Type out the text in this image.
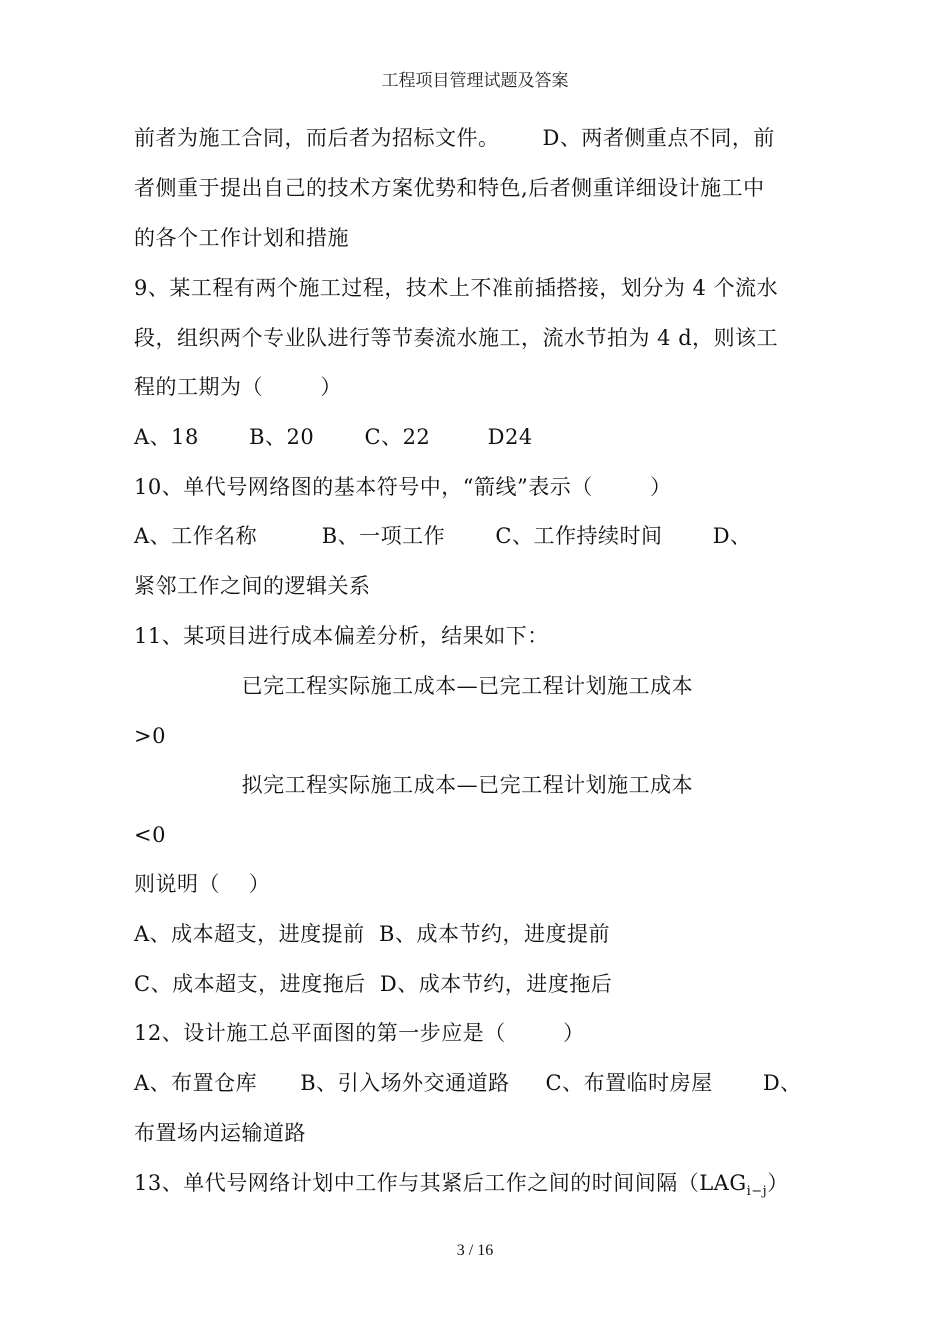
工程项目管理试题及答案
前者为施工合同，而后者为招标文件。      D、两者侧重点不同，前
者侧重于提出自己的技术方案优势和特色,后者侧重详细设计施工中
的各个工作计划和措施
9、某工程有两个施工过程，技术上不准前插搭接，划分为 4 个流水
段，组织两个专业队进行等节奏流水施工，流水节拍为 4 d，则该工
程的工期为（        ）
A、18       B、20       C、22        D24
10、单代号网络图的基本符号中，“箭线”表示（        ）
A、工作名称         B、一项工作       C、工作持续时间       D、
紧邻工作之间的逻辑关系
11、某项目进行成本偏差分析，结果如下：
已完工程实际施工成本—已完工程计划施工成本
>0
拟完工程实际施工成本—已完工程计划施工成本
<0
则说明（    ）
A、成本超支，进度提前  B、成本节约，进度提前
C、成本超支，进度拖后  D、成本节约，进度拖后
12、设计施工总平面图的第一步应是（        ）
A、布置仓库      B、引入场外交通道路     C、布置临时房屋       D、
布置场内运输道路
13、单代号网络计划中工作与其紧后工作之间的时间间隔$(LAG_{i-j})$
3 / 16
